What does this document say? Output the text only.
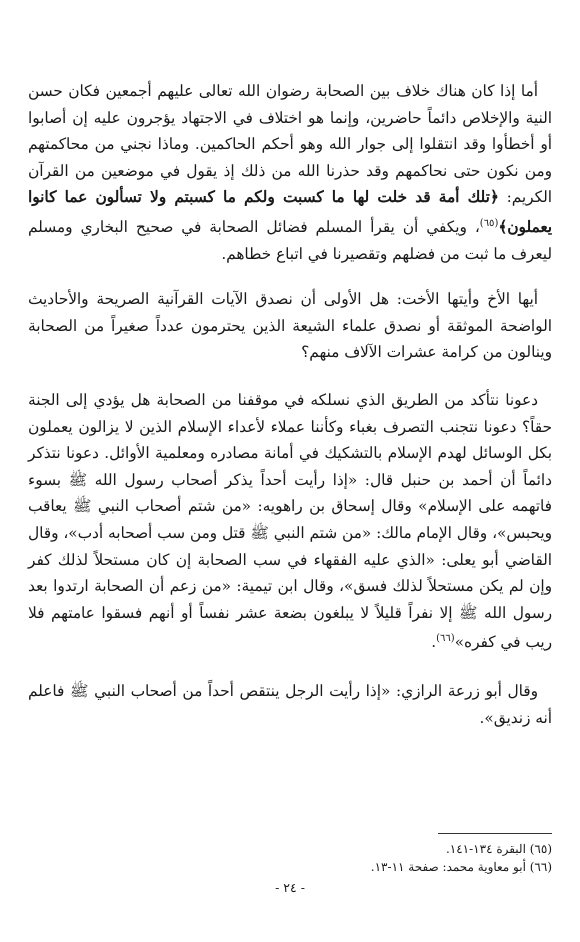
أما إذا كان هناك خلاف بين الصحابة رضوان الله تعالى عليهم أجمعين فكان حسن النية والإخلاص دائماً حاضرين، وإنما هو اختلاف في الاجتهاد يؤجرون عليه إن أصابوا أو أخطأوا وقد انتقلوا إلى جوار الله وهو أحكم الحاكمين. وماذا نجني من محاكمتهم ومن نكون حتى نحاكمهم وقد حذرنا الله من ذلك إذ يقول في موضعين من القرآن الكريم: ﴿تلك أمة قد خلت لها ما كسبت ولكم ما كسبتم ولا تسألون عما كانوا يعملون﴾$^{(٦٥)}$، ويكفي أن يقرأ المسلم فضائل الصحابة في صحيح البخاري ومسلم ليعرف ما ثبت من فضلهم وتقصيرنا في اتباع خطاهم.

أيها الأخ وأيتها الأخت: هل الأولى أن نصدق الآيات القرآنية الصريحة والأحاديث الواضحة الموثقة أو نصدق علماء الشيعة الذين يحترمون عدداً صغيراً من الصحابة وينالون من كرامة عشرات الآلاف منهم؟

دعونا نتأكد من الطريق الذي نسلكه في موقفنا من الصحابة هل يؤدي إلى الجنة حقاً؟ دعونا نتجنب التصرف بغباء وكأننا عملاء لأعداء الإسلام الذين لا يزالون يعملون بكل الوسائل لهدم الإسلام بالتشكيك في أمانة مصادره ومعلمية الأوائل. دعونا نتذكر دائماً أن أحمد بن حنبل قال: «إذا رأيت أحداً يذكر أصحاب رسول الله ﷺ بسوء فاتهمه على الإسلام» وقال إسحاق بن راهويه: «من شتم أصحاب النبي ﷺ يعاقب ويحبس»، وقال الإمام مالك: «من شتم النبي ﷺ قتل ومن سب أصحابه أدب»، وقال القاضي أبو يعلى: «الذي عليه الفقهاء في سب الصحابة إن كان مستحلاً لذلك كفر وإن لم يكن مستحلاً لذلك فسق»، وقال ابن تيمية: «من زعم أن الصحابة ارتدوا بعد رسول الله ﷺ إلا نفراً قليلاً لا يبلغون بضعة عشر نفساً أو أنهم فسقوا عامتهم فلا ريب في كفره»$^{(٦٦)}$.

وقال أبو زرعة الرازي: «إذا رأيت الرجل ينتقص أحداً من أصحاب النبي ﷺ فاعلم أنه زنديق».

(٦٥) البقرة ١٣٤-١٤١.

(٦٦) أبو معاوية محمد: صفحة ١١-١٣.

- ٢٤ -
